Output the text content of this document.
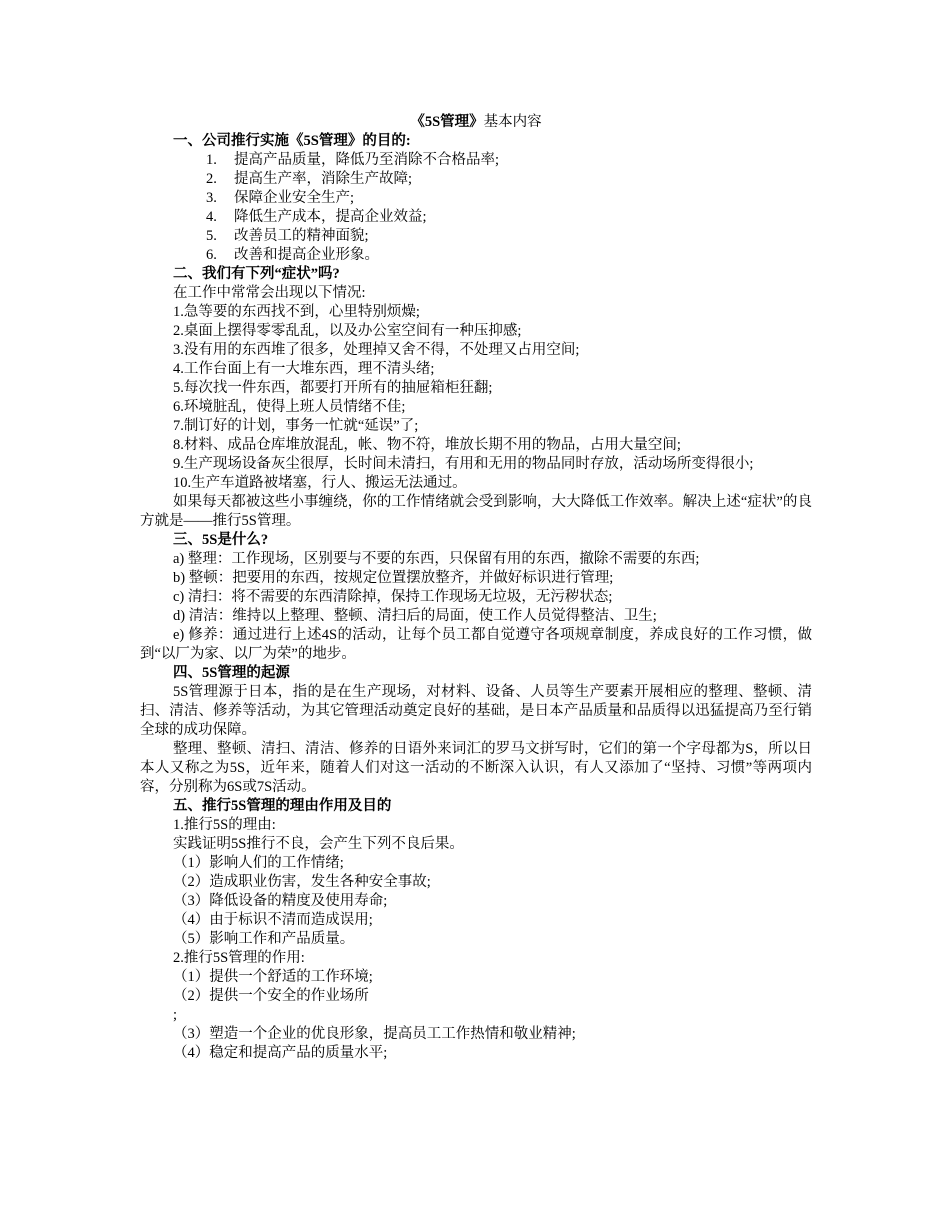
《5S管理》基本内容
一、公司推行实施《5S管理》的目的:
1.	提高产品质量，降低乃至消除不合格品率;
2.	提高生产率，消除生产故障;
3.	保障企业安全生产;
4.	降低生产成本，提高企业效益;
5.	改善员工的精神面貌;
6.	改善和提高企业形象。
二、我们有下列“症状”吗?
在工作中常常会出现以下情况:
1.急等要的东西找不到，心里特别烦燥;
2.桌面上摆得零零乱乱，以及办公室空间有一种压抑感;
3.没有用的东西堆了很多，处理掉又舍不得，不处理又占用空间;
4.工作台面上有一大堆东西，理不清头绪;
5.每次找一件东西，都要打开所有的抽屉箱柜狂翻;
6.环境脏乱，使得上班人员情绪不佳;
7.制订好的计划，事务一忙就“延误”了;
8.材料、成品仓库堆放混乱，帐、物不符，堆放长期不用的物品，占用大量空间;
9.生产现场设备灰尘很厚，长时间未清扫，有用和无用的物品同时存放，活动场所变得很小;
10.生产车道路被堵塞，行人、搬运无法通过。
如果每天都被这些小事缠绕，你的工作情绪就会受到影响，大大降低工作效率。解决上述“症状”的良方就是——推行5S管理。
三、5S是什么?
a) 整理：工作现场，区别要与不要的东西，只保留有用的东西，撤除不需要的东西;
b) 整顿：把要用的东西，按规定位置摆放整齐，并做好标识进行管理;
c) 清扫：将不需要的东西清除掉，保持工作现场无垃圾，无污秽状态;
d) 清洁：维持以上整理、整顿、清扫后的局面，使工作人员觉得整洁、卫生;
e) 修养：通过进行上述4S的活动，让每个员工都自觉遵守各项规章制度，养成良好的工作习惯，做到“以厂为家、以厂为荣”的地步。
四、5S管理的起源
5S管理源于日本，指的是在生产现场，对材料、设备、人员等生产要素开展相应的整理、整顿、清扫、清洁、修养等活动，为其它管理活动奠定良好的基础，是日本产品质量和品质得以迅猛提高乃至行销全球的成功保障。
整理、整顿、清扫、清洁、修养的日语外来词汇的罗马文拼写时，它们的第一个字母都为S，所以日本人又称之为5S，近年来，随着人们对这一活动的不断深入认识，有人又添加了“坚持、习惯”等两项内容，分别称为6S或7S活动。
五、推行5S管理的理由作用及目的
1.推行5S的理由:
实践证明5S推行不良，会产生下列不良后果。
（1）影响人们的工作情绪;
（2）造成职业伤害，发生各种安全事故;
（3）降低设备的精度及使用寿命;
（4）由于标识不清而造成误用;
（5）影响工作和产品质量。
2.推行5S管理的作用:
（1）提供一个舒适的工作环境;
（2）提供一个安全的作业场所
;
（3）塑造一个企业的优良形象，提高员工工作热情和敬业精神;
（4）稳定和提高产品的质量水平;
